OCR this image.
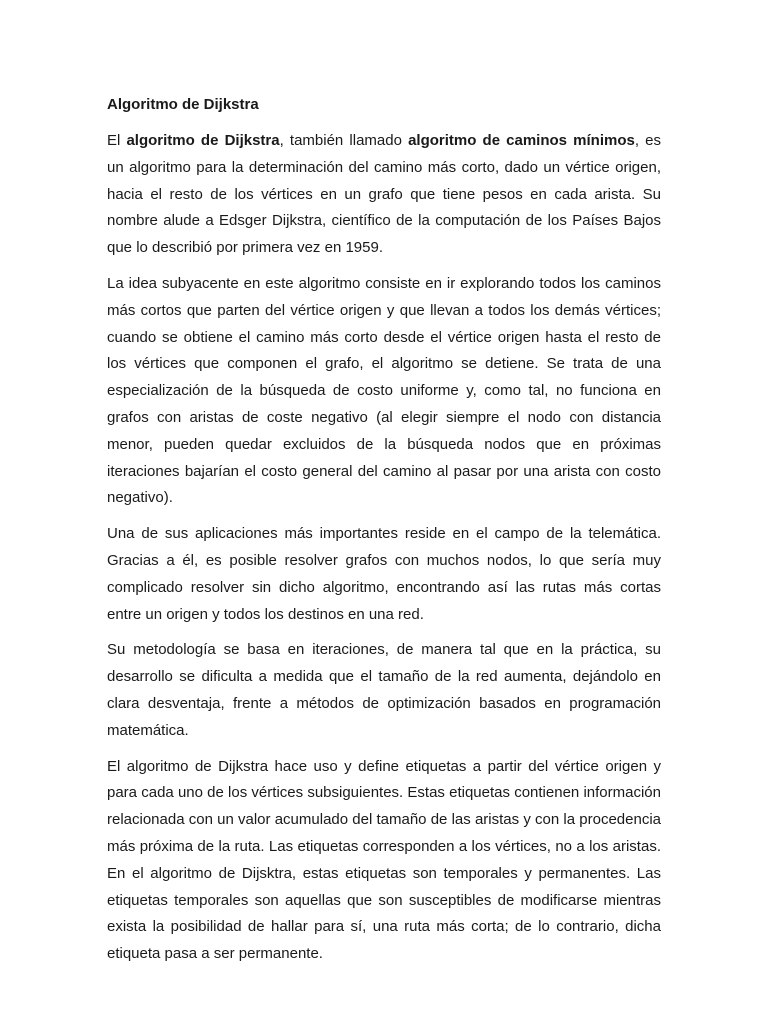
Algoritmo de Dijkstra

El algoritmo de Dijkstra, también llamado algoritmo de caminos mínimos, es un algoritmo para la determinación del camino más corto, dado un vértice origen, hacia el resto de los vértices en un grafo que tiene pesos en cada arista. Su nombre alude a Edsger Dijkstra, científico de la computación de los Países Bajos que lo describió por primera vez en 1959.

La idea subyacente en este algoritmo consiste en ir explorando todos los caminos más cortos que parten del vértice origen y que llevan a todos los demás vértices; cuando se obtiene el camino más corto desde el vértice origen hasta el resto de los vértices que componen el grafo, el algoritmo se detiene. Se trata de una especialización de la búsqueda de costo uniforme y, como tal, no funciona en grafos con aristas de coste negativo (al elegir siempre el nodo con distancia menor, pueden quedar excluidos de la búsqueda nodos que en próximas iteraciones bajarían el costo general del camino al pasar por una arista con costo negativo).

Una de sus aplicaciones más importantes reside en el campo de la telemática. Gracias a él, es posible resolver grafos con muchos nodos, lo que sería muy complicado resolver sin dicho algoritmo, encontrando así las rutas más cortas entre un origen y todos los destinos en una red.

Su metodología se basa en iteraciones, de manera tal que en la práctica, su desarrollo se dificulta a medida que el tamaño de la red aumenta, dejándolo en clara desventaja, frente a métodos de optimización basados en programación matemática.

El algoritmo de Dijkstra hace uso y define etiquetas a partir del vértice origen y para cada uno de los vértices subsiguientes. Estas etiquetas contienen información relacionada con un valor acumulado del tamaño de las aristas y con la procedencia más próxima de la ruta. Las etiquetas corresponden a los vértices, no a los aristas. En el algoritmo de Dijsktra, estas etiquetas son temporales y permanentes. Las etiquetas temporales son aquellas que son susceptibles de modificarse mientras exista la posibilidad de hallar para sí, una ruta más corta; de lo contrario, dicha etiqueta pasa a ser permanente.
